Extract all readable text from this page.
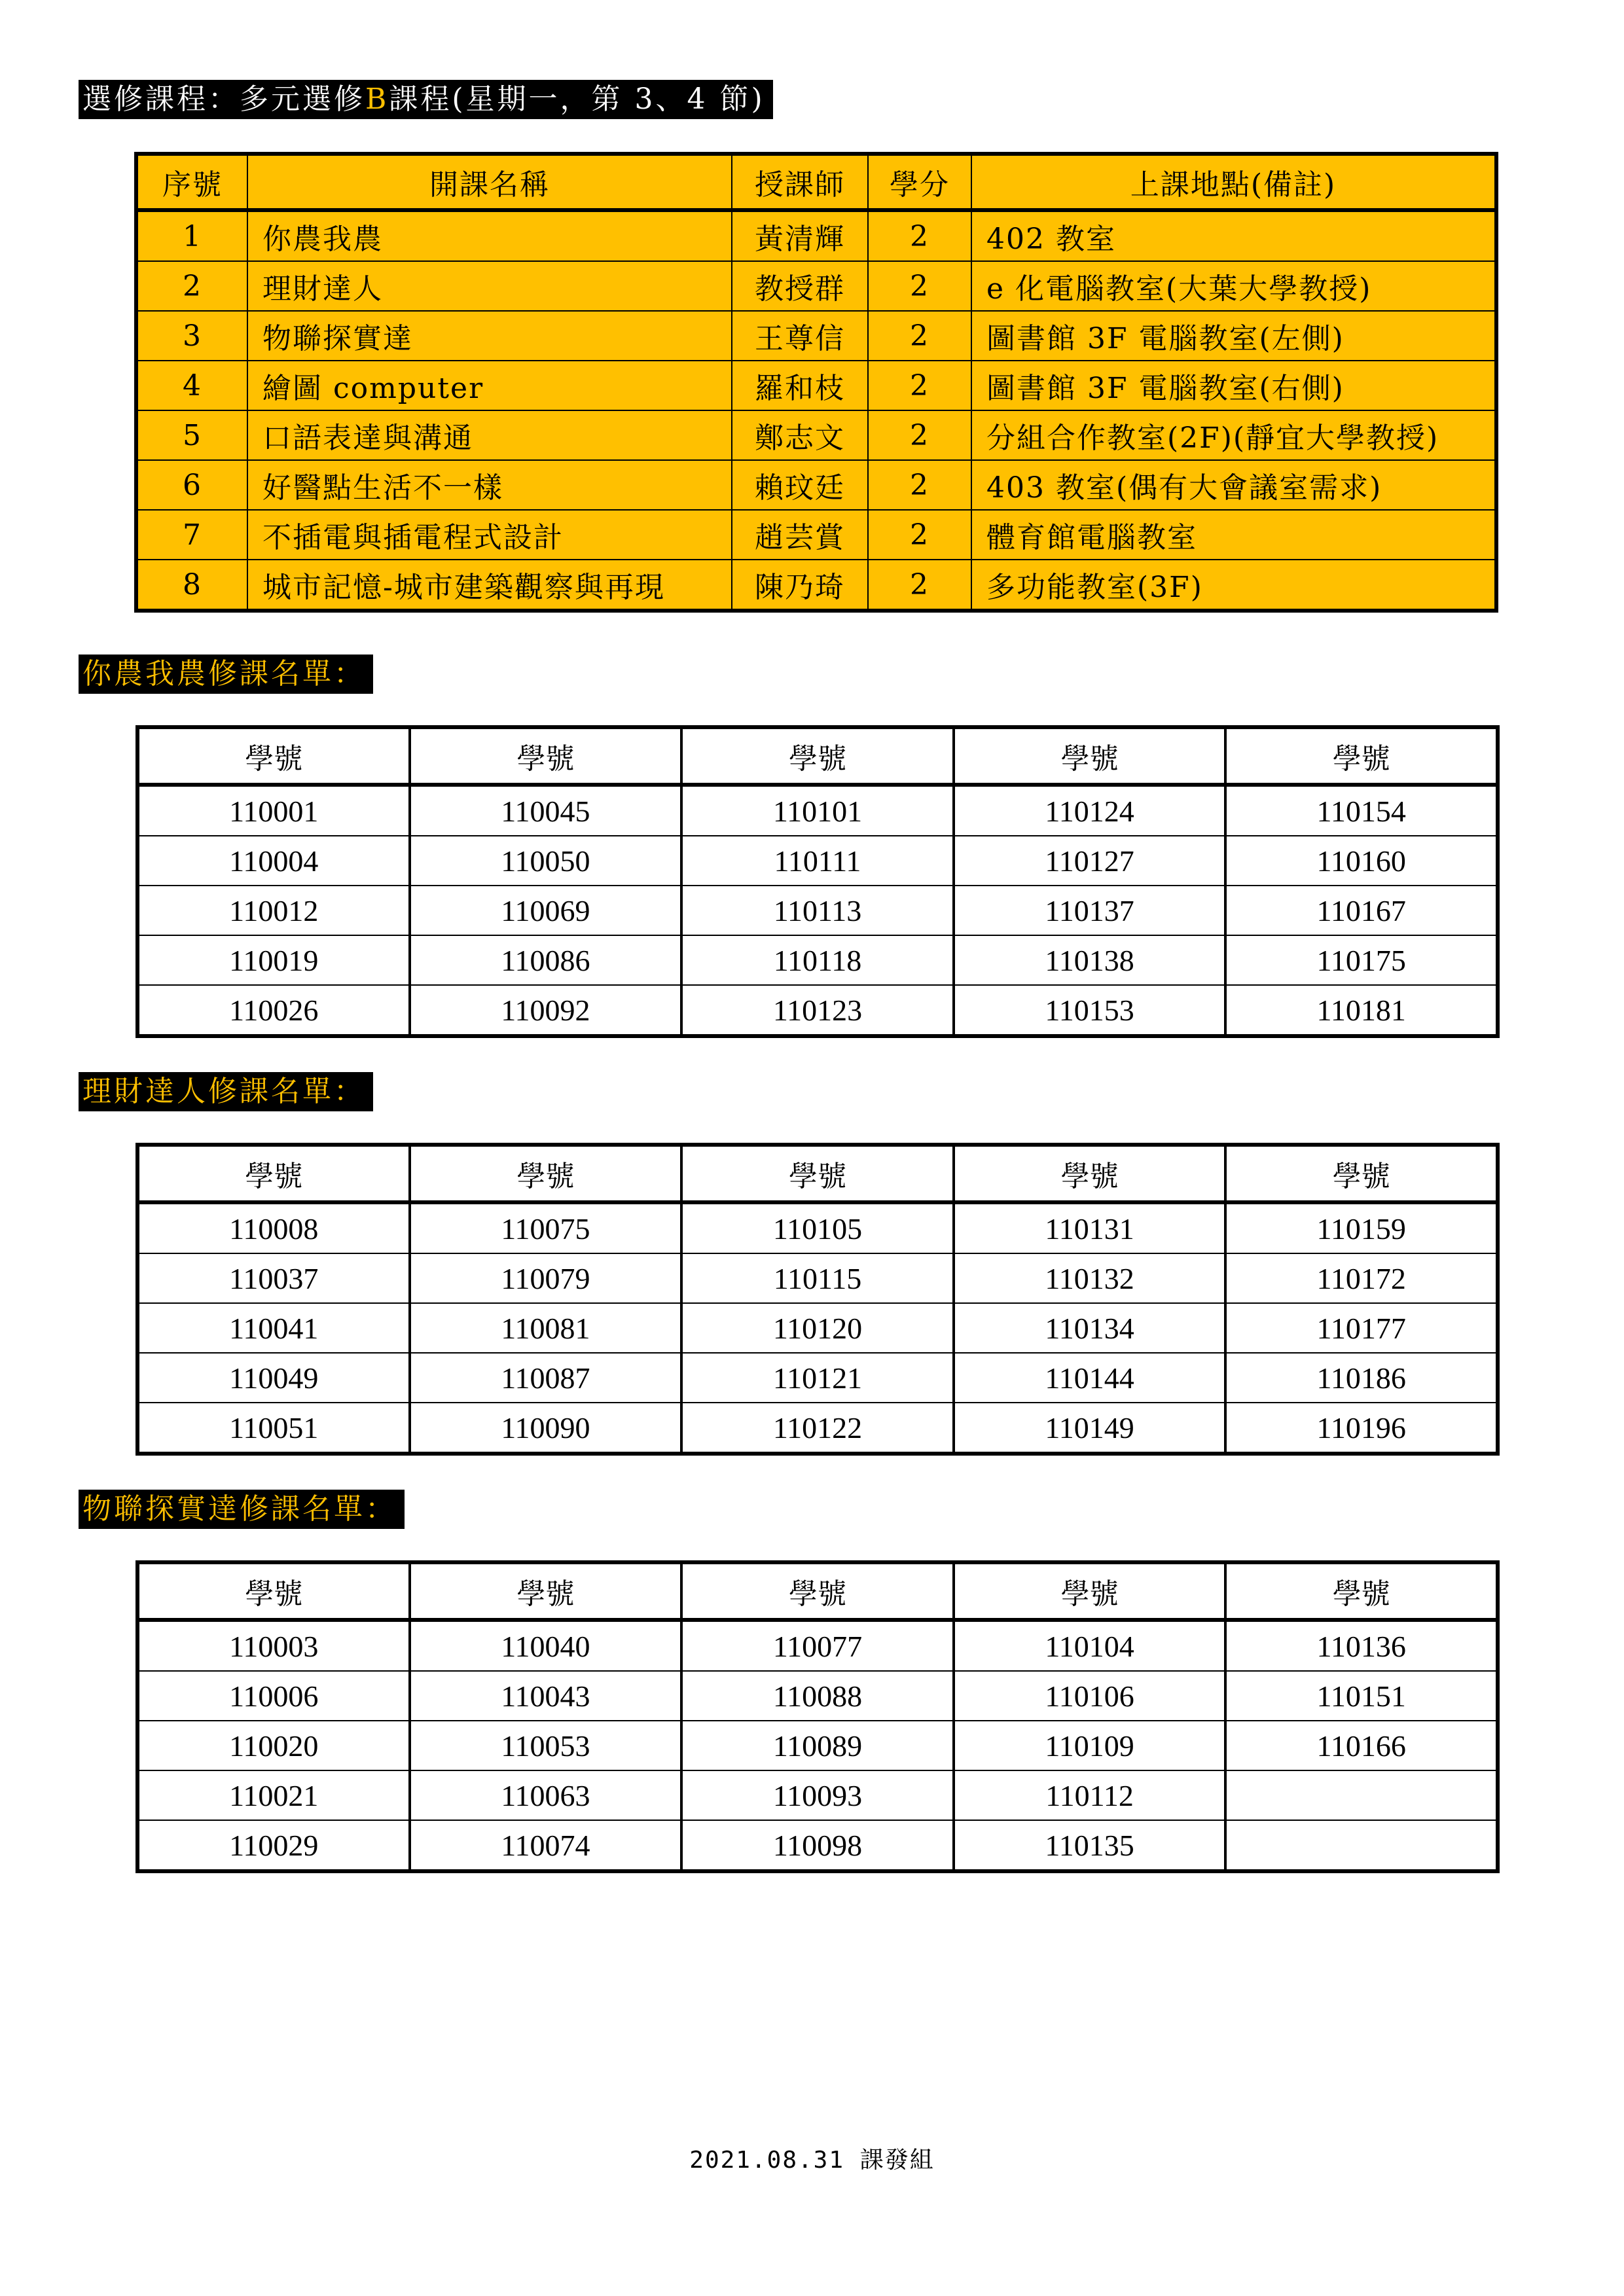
選修課程：多元選修B課程(星期一，第 3、4 節)
序號	開課名稱	授課師	學分	上課地點(備註)
1	你農我農	黃清輝	2	402 教室
2	理財達人	教授群	2	e 化電腦教室(大葉大學教授)
3	物聯探實達	王尊信	2	圖書館 3F 電腦教室(左側)
4	繪圖 computer	羅和枝	2	圖書館 3F 電腦教室(右側)
5	口語表達與溝通	鄭志文	2	分組合作教室(2F)(靜宜大學教授)
6	好醫點生活不一樣	賴玟廷	2	403 教室(偶有大會議室需求)
7	不插電與插電程式設計	趙芸賞	2	體育館電腦教室
8	城市記憶-城市建築觀察與再現	陳乃琦	2	多功能教室(3F)
你農我農修課名單：
學號	學號	學號	學號	學號
110001	110045	110101	110124	110154
110004	110050	110111	110127	110160
110012	110069	110113	110137	110167
110019	110086	110118	110138	110175
110026	110092	110123	110153	110181
理財達人修課名單：
學號	學號	學號	學號	學號
110008	110075	110105	110131	110159
110037	110079	110115	110132	110172
110041	110081	110120	110134	110177
110049	110087	110121	110144	110186
110051	110090	110122	110149	110196
物聯探實達修課名單：
學號	學號	學號	學號	學號
110003	110040	110077	110104	110136
110006	110043	110088	110106	110151
110020	110053	110089	110109	110166
110021	110063	110093	110112	
110029	110074	110098	110135	
2021.08.31 課發組
